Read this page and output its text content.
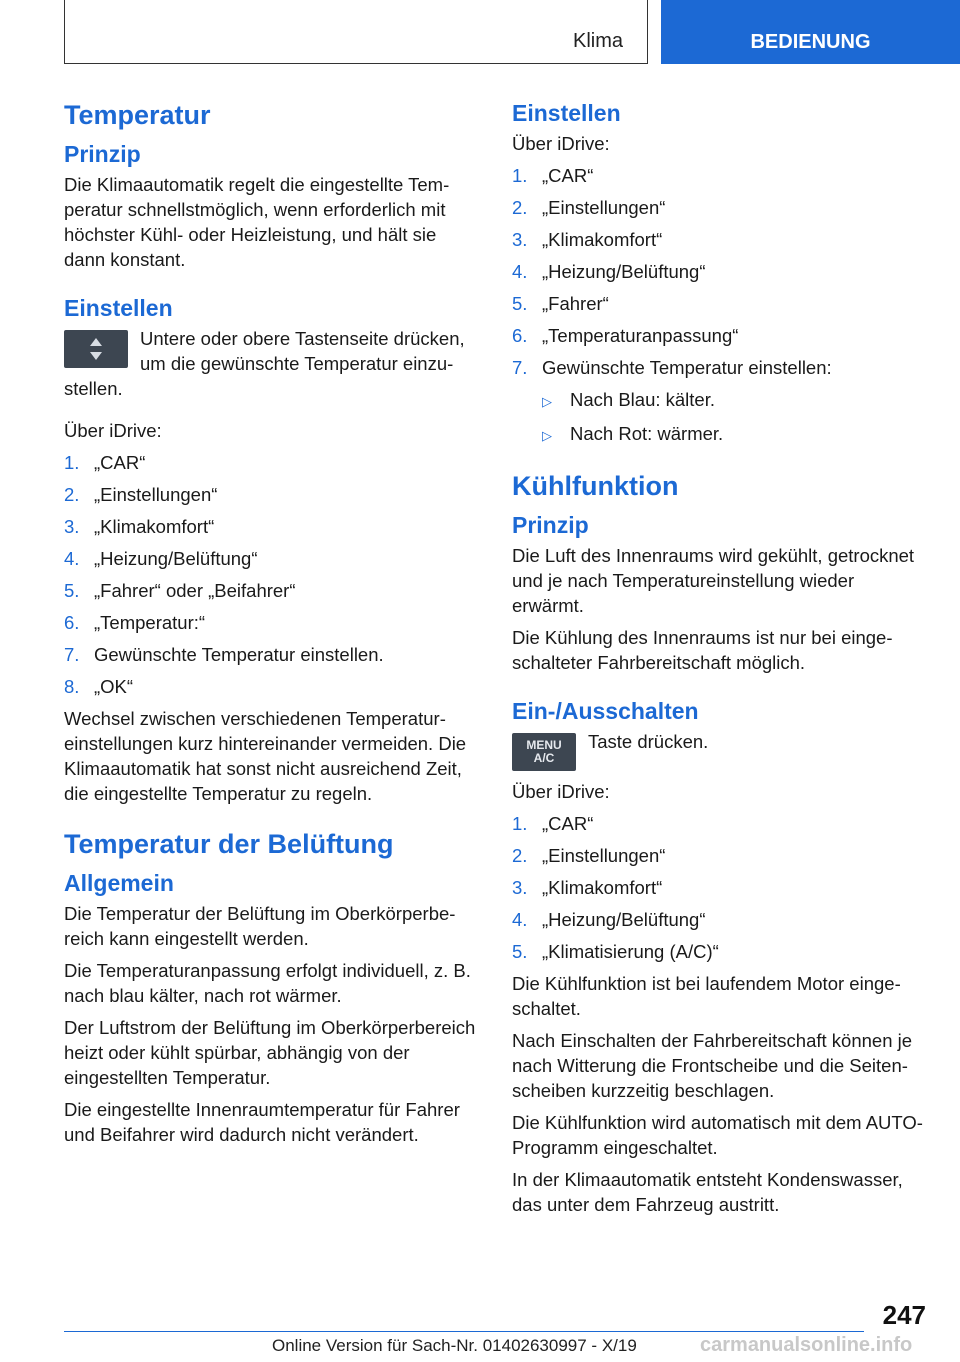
Klima	BEDIENUNG
Temperatur
Prinzip

Die Klimaautomatik regelt die eingestellte Temperatur schnellstmöglich, wenn erforderlich mit höchster Kühl- oder Heizleistung, und hält sie dann konstant.

Einstellen

Untere oder obere Tastenseite drücken, um die gewünschte Temperatur einzustellen.

Über iDrive:

1. „CAR“
2. „Einstellungen“
3. „Klimakomfort“
4. „Heizung/Belüftung“
5. „Fahrer“ oder „Beifahrer“
6. „Temperatur:“
7. Gewünschte Temperatur einstellen.
8. „OK“

Wechsel zwischen verschiedenen Temperatureinstellungen kurz hintereinander vermeiden. Die Klimaautomatik hat sonst nicht ausreichend Zeit, die eingestellte Temperatur zu regeln.

Temperatur der Belüftung
Allgemein

Die Temperatur der Belüftung im Oberkörperbereich kann eingestellt werden.

Die Temperaturanpassung erfolgt individuell, z. B. nach blau kälter, nach rot wärmer.

Der Luftstrom der Belüftung im Oberkörperbereich heizt oder kühlt spürbar, abhängig von der eingestellten Temperatur.

Die eingestellte Innenraumtemperatur für Fahrer und Beifahrer wird dadurch nicht verändert.

Einstellen

Über iDrive:

1. „CAR“
2. „Einstellungen“
3. „Klimakomfort“
4. „Heizung/Belüftung“
5. „Fahrer“
6. „Temperaturanpassung“
7. Gewünschte Temperatur einstellen:
▷ Nach Blau: kälter.
▷ Nach Rot: wärmer.
Kühlfunktion
Prinzip

Die Luft des Innenraums wird gekühlt, getrocknet und je nach Temperatureinstellung wieder erwärmt.

Die Kühlung des Innenraums ist nur bei eingeschalteter Fahrbereitschaft möglich.

Ein-/Ausschalten
MENU
A/C

Taste drücken.

Über iDrive:

1. „CAR“
2. „Einstellungen“
3. „Klimakomfort“
4. „Heizung/Belüftung“
5. „Klimatisierung (A/C)“

Die Kühlfunktion ist bei laufendem Motor eingeschaltet.

Nach Einschalten der Fahrbereitschaft können je nach Witterung die Frontscheibe und die Seitenscheiben kurzzeitig beschlagen.

Die Kühlfunktion wird automatisch mit dem AUTO-Programm eingeschaltet.

In der Klimaautomatik entsteht Kondenswasser, das unter dem Fahrzeug austritt.

247
Online Version für Sach-Nr. 01402630997 - X/19	carmanualsonline.info
